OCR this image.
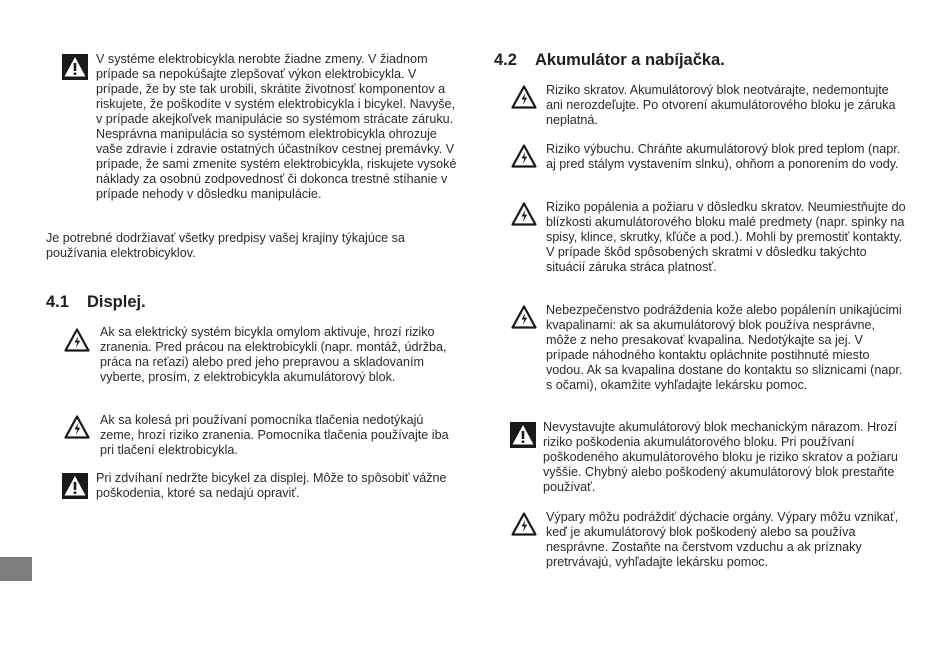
V systéme elektrobicykla nerobte žiadne zmeny. V žiadnom prípade sa nepokúšajte zlepšovať výkon elektrobicykla. V prípade, že by ste tak urobili, skrátite životnosť komponentov a riskujete, že poškodíte v systém elektrobicykla i bicykel. Navyše, v prípade akejkoľvek manipulácie so systémom strácate záruku. Nesprávna manipulácia so systémom elektrobicykla ohrozuje vaše zdravie i zdravie ostatných účastníkov cestnej premávky. V prípade, že sami zmenite systém elektrobicykla, riskujete vysoké náklady za osobnú zodpovednosť či dokonca trestné stíhanie v prípade nehody v dôsledku manipulácie.

Je potrebné dodržiavať všetky predpisy vašej krajiny týkajúce sa používania elektrobicyklov.

4.1 Displej.

Ak sa elektrický systém bicykla omylom aktivuje, hrozí riziko zranenia. Pred prácou na elektrobicykli (napr. montáž, údržba, práca na reťazi) alebo pred jeho prepravou a skladovaním vyberte, prosím, z elektrobicykla akumulátorový blok.

Ak sa kolesá pri používaní pomocníka tlačenia nedotýkajú zeme, hrozí riziko zranenia. Pomocníka tlačenia používajte iba pri tlačení elektrobicykla.

Pri zdvíhaní nedržte bicykel za displej. Môže to spôsobiť vážne poškodenia, ktoré sa nedajú opraviť.

4.2 Akumulátor a nabíjačka.

Riziko skratov. Akumulátorový blok neotvárajte, nedemontujte ani nerozdeľujte. Po otvorení akumulátorového bloku je záruka neplatná.

Riziko výbuchu. Chráňte akumulátorový blok pred teplom (napr. aj pred stálym vystavením slnku), ohňom a ponorením do vody.

Riziko popálenia a požiaru v dôsledku skratov. Neumiestňujte do blízkosti akumulátorového bloku malé predmety (napr. spinky na spisy, klince, skrutky, kľúče a pod.). Mohli by premostiť kontakty. V prípade škôd spôsobených skratmi v dôsledku takýchto situácií záruka stráca platnosť.

Nebezpečenstvo podráždenia kože alebo popálenín unikajúcimi kvapalinami: ak sa akumulátorový blok používa nesprávne, môže z neho presakovať kvapalina. Nedotýkajte sa jej. V prípade náhodného kontaktu opláchnite postihnuté miesto vodou. Ak sa kvapalina dostane do kontaktu so sliznicami (napr. s očami), okamžite vyhľadajte lekársku pomoc.

Nevystavujte akumulátorový blok mechanickým nárazom. Hrozí riziko poškodenia akumulátorového bloku. Pri používaní poškodeného akumulátorového bloku je riziko skratov a požiaru vyššie. Chybný alebo poškodený akumulátorový blok prestaňte používať.

Výpary môžu podráždiť dýchacie orgány. Výpary môžu vznikať, keď je akumulátorový blok poškodený alebo sa používa nesprávne. Zostaňte na čerstvom vzduchu a ak príznaky pretrvávajú, vyhľadajte lekársku pomoc.
